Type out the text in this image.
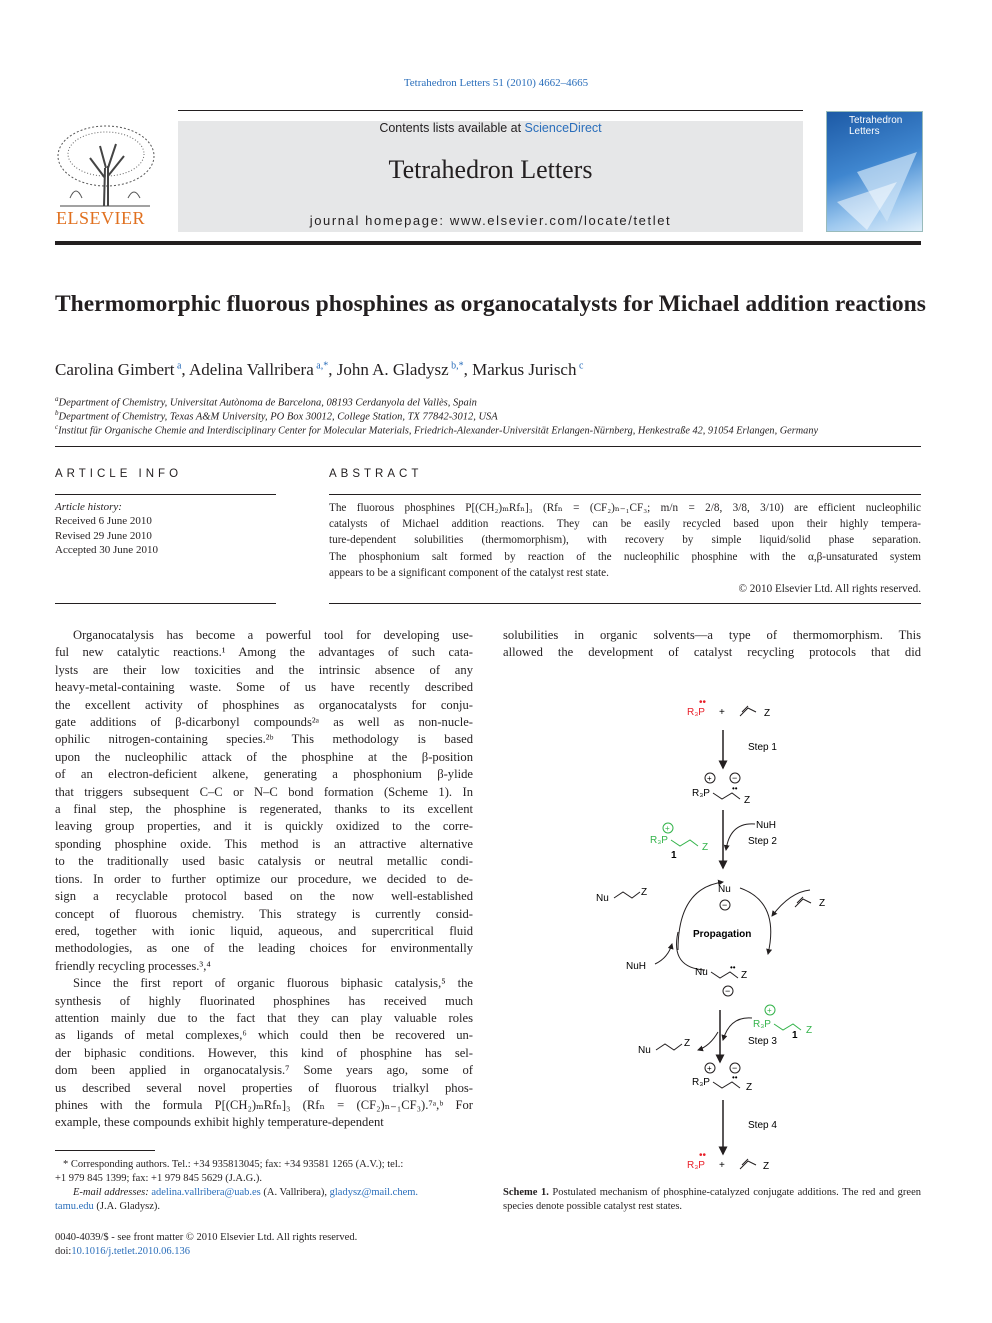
Tetrahedron Letters 51 (2010) 4662–4665
ELSEVIER
Contents lists available at ScienceDirect
Tetrahedron Letters
journal homepage: www.elsevier.com/locate/tetlet
Tetrahedron
Letters
Thermomorphic fluorous phosphines as organocatalysts for Michael addition reactions
Carolina Gimbert $^a$, Adelina Vallribera $^{a,*}$, John A. Gladysz $^{b,*}$, Markus Jurisch $^c$
$^a$Department of Chemistry, Universitat Autònoma de Barcelona, 08193 Cerdanyola del Vallès, Spain
$^b$Department of Chemistry, Texas A&M University, PO Box 30012, College Station, TX 77842-3012, USA
$^c$Institut für Organische Chemie and Interdisciplinary Center for Molecular Materials, Friedrich-Alexander-Universität Erlangen-Nürnberg, Henkestraße 42, 91054 Erlangen, Germany
ARTICLE INFO
Article history:
Received 6 June 2010
Revised 29 June 2010
Accepted 30 June 2010
ABSTRACT
The fluorous phosphines P[(CH₂)ₘRfₙ]₃ (Rfₙ = (CF₂)ₙ₋₁CF₃; m/n = 2/8, 3/8, 3/10) are efficient nucleophilic
catalysts of Michael addition reactions. They can be easily recycled based upon their highly tempera-
ture-dependent solubilities (thermomorphism), with recovery by simple liquid/solid phase separation.
The phosphonium salt formed by reaction of the nucleophilic phosphine with the α,β-unsaturated system
appears to be a significant component of the catalyst rest state.
© 2010 Elsevier Ltd. All rights reserved.
Organocatalysis has become a powerful tool for developing use-
ful new catalytic reactions.¹ Among the advantages of such cata-
lysts are their low toxicities and the intrinsic absence of any
heavy-metal-containing waste. Some of us have recently described
the excellent activity of phosphines as organocatalysts for conju-
gate additions of β-dicarbonyl compounds²ᵃ as well as non-nucle-
ophilic nitrogen-containing species.²ᵇ This methodology is based
upon the nucleophilic attack of the phosphine at the β-position
of an electron-deficient alkene, generating a phosphonium β-ylide
that triggers subsequent C–C or N–C bond formation (Scheme 1). In
a final step, the phosphine is regenerated, thanks to its excellent
leaving group properties, and it is quickly oxidized to the corre-
sponding phosphine oxide. This method is an attractive alternative
to the traditionally used basic catalysis or neutral metallic condi-
tions. In order to further optimize our procedure, we decided to de-
sign a recyclable protocol based on the now well-established
concept of fluorous chemistry. This strategy is currently consid-
ered, together with ionic liquid, aqueous, and supercritical fluid
methodologies, as one of the leading choices for environmentally
friendly recycling processes.³,⁴
Since the first report of organic fluorous biphasic catalysis,⁵ the
synthesis of highly fluorinated phosphines has received much
attention mainly due to the fact that they can play valuable roles
as ligands of metal complexes,⁶ which could then be recovered un-
der biphasic conditions. However, this kind of phosphine has sel-
dom been applied in organocatalysis.⁷ Some years ago, some of
us described several novel properties of fluorous trialkyl phos-
phines with the formula P[(CH₂)ₘRfₙ]₃ (Rfₙ = (CF₂)ₙ₋₁CF₃).⁷ᵃ,ᵇ For
example, these compounds exhibit highly temperature-dependent
solubilities in organic solvents—a type of thermomorphism. This
allowed the development of catalyst recycling protocols that did
R₃P
••
+	Z
Step 1
+ −
R₃P	••
Z
NuH
Step 2
+
R₃P
Z
1
Nu
−
Propagation
Nu
Z
Z
NuH
Nu	••
Z
−
+
R₃P
Z
1
Step 3
Nu
Z
+ −
R₃P	••
Z
Step 4
R₃P
••
+	Z
Scheme 1. Postulated mechanism of phosphine-catalyzed conjugate additions. The red and green species denote possible catalyst rest states.
* Corresponding authors. Tel.: +34 935813045; fax: +34 93581 1265 (A.V.); tel.:
+1 979 845 1399; fax: +1 979 845 5629 (J.A.G.).
E-mail addresses: adelina.vallribera@uab.es (A. Vallribera), gladysz@mail.chem.
tamu.edu (J.A. Gladysz).
0040-4039/$ - see front matter © 2010 Elsevier Ltd. All rights reserved.
doi:10.1016/j.tetlet.2010.06.136
